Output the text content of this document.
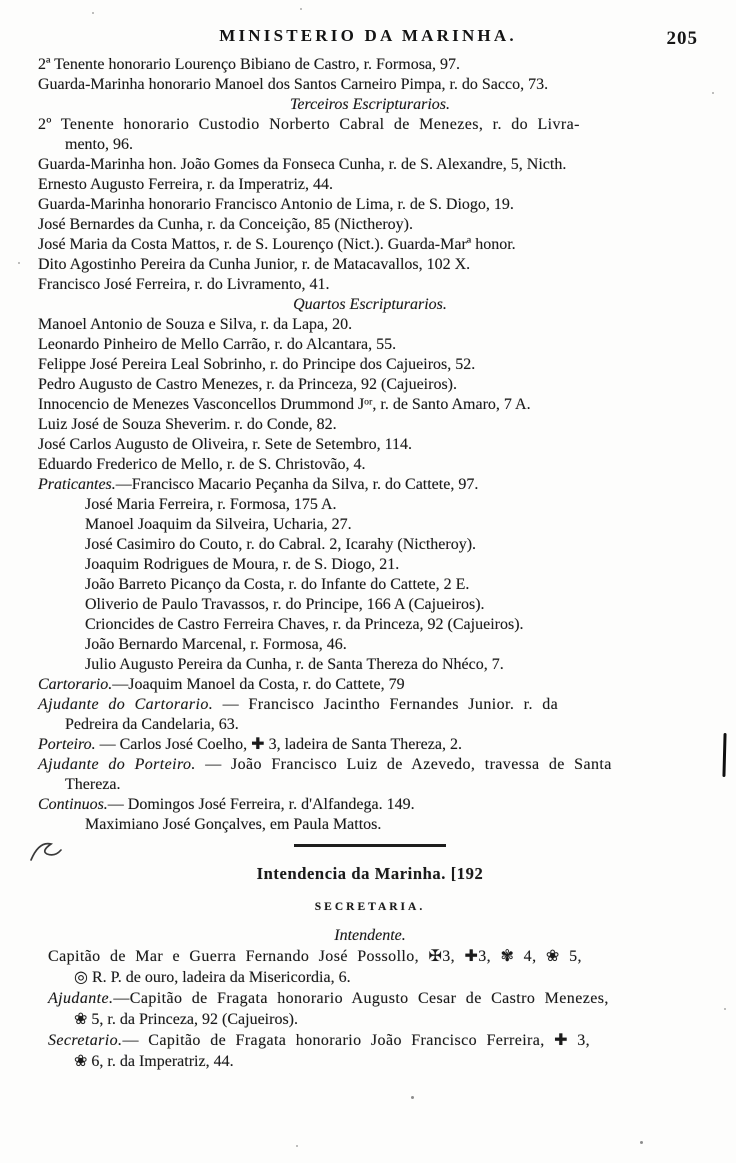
MINISTERIO DA MARINHA.	205
2ª Tenente honorario Lourenço Bibiano de Castro, r. Formosa, 97.
Guarda-Marinha honorario Manoel dos Santos Carneiro Pimpa, r. do Sacco, 73.
Terceiros Escripturarios.
2º Tenente honorario Custodio Norberto Cabral de Menezes, r. do Livra-
mento, 96.
Guarda-Marinha hon. João Gomes da Fonseca Cunha, r. de S. Alexandre, 5, Nicth.
Ernesto Augusto Ferreira, r. da Imperatriz, 44.
Guarda-Marinha honorario Francisco Antonio de Lima, r. de S. Diogo, 19.
José Bernardes da Cunha, r. da Conceição, 85 (Nictheroy).
José Maria da Costa Mattos, r. de S. Lourenço (Nict.). Guarda-Marª honor.
Dito Agostinho Pereira da Cunha Junior, r. de Matacavallos, 102 X.
Francisco José Ferreira, r. do Livramento, 41.
Quartos Escripturarios.
Manoel Antonio de Souza e Silva, r. da Lapa, 20.
Leonardo Pinheiro de Mello Carrão, r. do Alcantara, 55.
Felippe José Pereira Leal Sobrinho, r. do Principe dos Cajueiros, 52.
Pedro Augusto de Castro Menezes, r. da Princeza, 92 (Cajueiros).
Innocencio de Menezes Vasconcellos Drummond Jᵒʳ, r. de Santo Amaro, 7 A.
Luiz José de Souza Sheverim. r. do Conde, 82.
José Carlos Augusto de Oliveira, r. Sete de Setembro, 114.
Eduardo Frederico de Mello, r. de S. Christovão, 4.
Praticantes.—Francisco Macario Peçanha da Silva, r. do Cattete, 97.
José Maria Ferreira, r. Formosa, 175 A.
Manoel Joaquim da Silveira, Ucharia, 27.
José Casimiro do Couto, r. do Cabral. 2, Icarahy (Nictheroy).
Joaquim Rodrigues de Moura, r. de S. Diogo, 21.
João Barreto Picanço da Costa, r. do Infante do Cattete, 2 E.
Oliverio de Paulo Travassos, r. do Principe, 166 A (Cajueiros).
Crioncides de Castro Ferreira Chaves, r. da Princeza, 92 (Cajueiros).
João Bernardo Marcenal, r. Formosa, 46.
Julio Augusto Pereira da Cunha, r. de Santa Thereza do Nhéco, 7.
Cartorario.—Joaquim Manoel da Costa, r. do Cattete, 79
Ajudante do Cartorario. — Francisco Jacintho Fernandes Junior. r. da
Pedreira da Candelaria, 63.
Porteiro. — Carlos José Coelho, ✚ 3, ladeira de Santa Thereza, 2.
Ajudante do Porteiro. — João Francisco Luiz de Azevedo, travessa de Santa
Thereza.
Continuos.— Domingos José Ferreira, r. d'Alfandega. 149.
Maximiano José Gonçalves, em Paula Mattos.
Intendencia da Marinha. [192
SECRETARIA.
Intendente.
Capitão de Mar e Guerra Fernando José Possollo, ✠3, ✚3, ✾ 4, ❀ 5,
◎ R. P. de ouro, ladeira da Misericordia, 6.
Ajudante.—Capitão de Fragata honorario Augusto Cesar de Castro Menezes,
❀ 5, r. da Princeza, 92 (Cajueiros).
Secretario.— Capitão de Fragata honorario João Francisco Ferreira, ✚ 3,
❀ 6, r. da Imperatriz, 44.
